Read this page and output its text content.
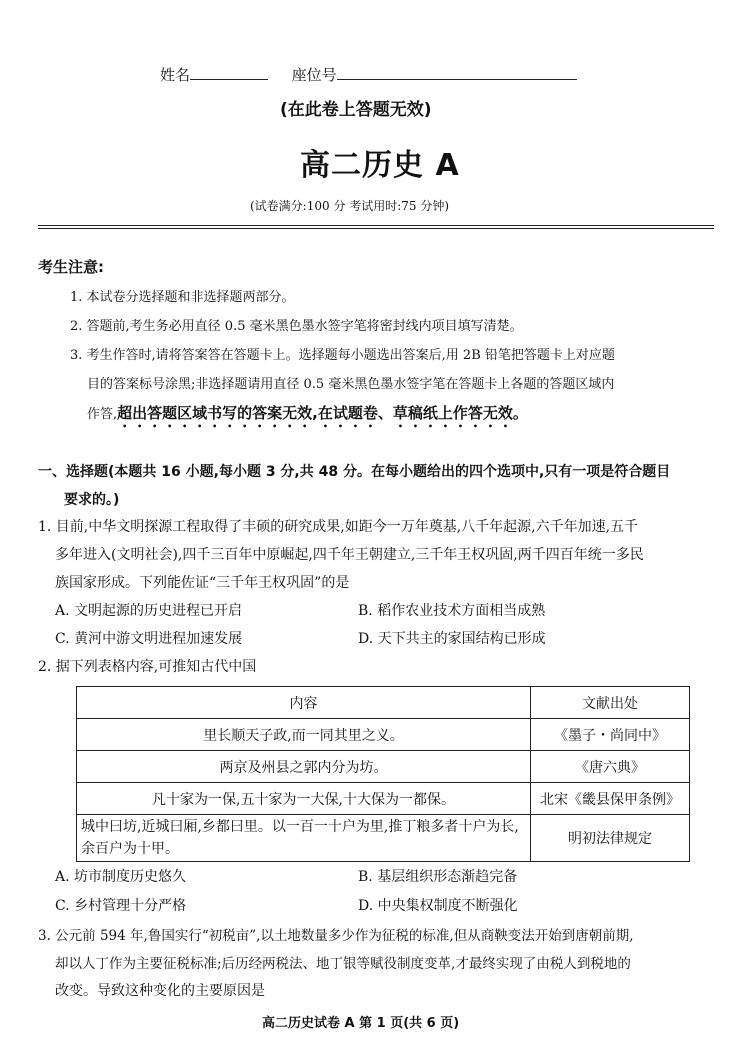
姓名	座位号
(在此卷上答题无效)
高二历史 A
(试卷满分:100 分 考试用时:75 分钟)
考生注意:
1. 本试卷分选择题和非选择题两部分。
2. 答题前,考生务必用直径 0.5 毫米黑色墨水签字笔将密封线内项目填写清楚。
3. 考生作答时,请将答案答在答题卡上。选择题每小题选出答案后,用 2B 铅笔把答题卡上对应题
目的答案标号涂黑;非选择题请用直径 0.5 毫米黑色墨水签字笔在答题卡上各题的答题区域内
作答,超出答题区域书写的答案无效,在试题卷、草稿纸上作答无效。
一、选择题(本题共 16 小题,每小题 3 分,共 48 分。在每小题给出的四个选项中,只有一项是符合题目
要求的。)
1. 目前,中华文明探源工程取得了丰硕的研究成果,如距今一万年奠基,八千年起源,六千年加速,五千
多年进入(文明社会),四千三百年中原崛起,四千年王朝建立,三千年王权巩固,两千四百年统一多民
族国家形成。下列能佐证“三千年王权巩固”的是
A. 文明起源的历史进程已开启	B. 稻作农业技术方面相当成熟
C. 黄河中游文明进程加速发展	D. 天下共主的家国结构已形成
2. 据下列表格内容,可推知古代中国
内容	文献出处
里长顺天子政,而一同其里之义。	《墨子・尚同中》
两京及州县之郭内分为坊。	《唐六典》
凡十家为一保,五十家为一大保,十大保为一都保。	北宋《畿县保甲条例》
城中曰坊,近城曰厢,乡都曰里。以一百一十户为里,推丁粮多者十户为长,余百户为十甲。	明初法律规定
A. 坊市制度历史悠久	B. 基层组织形态渐趋完备
C. 乡村管理十分严格	D. 中央集权制度不断强化
3. 公元前 594 年,鲁国实行“初税亩”,以土地数量多少作为征税的标准,但从商鞅变法开始到唐朝前期,
却以人丁作为主要征税标准;后历经两税法、地丁银等赋役制度变革,才最终实现了由税人到税地的
改变。导致这种变化的主要原因是
高二历史试卷 A 第 1 页(共 6 页)
